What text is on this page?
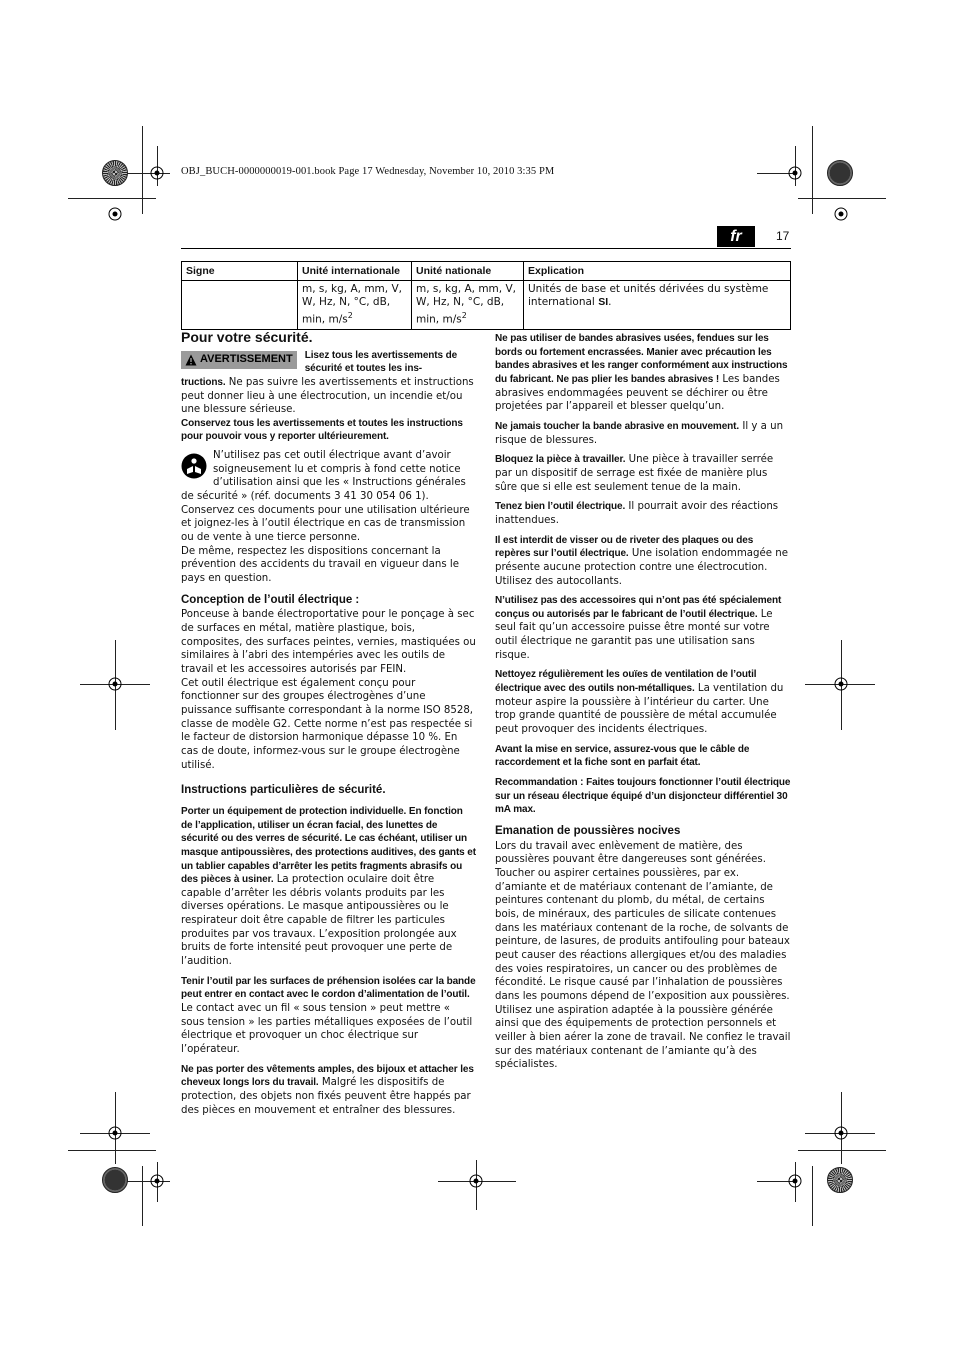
OBJ_BUCH-0000000019-001.book Page 17 Wednesday, November 10, 2010 3:35 PM
fr	17
Signe	Unité internationale	Unité nationale	Explication
	m, s, kg, A, mm, V, W, Hz, N, °C, dB, min, $m/s^2$	m, s, kg, A, mm, V, W, Hz, N, °C, dB, min, $m/s^2$	Unités de base et unités dérivées du système international SI.
Pour votre sécurité.
AVERTISSEMENT Lisez tous les avertissements de sécurité et toutes les ins-

tructions. Ne pas suivre les avertissements et instructions peut donner lieu à une électrocution, un incendie et/ou une blessure sérieuse.

Conservez tous les avertissements et toutes les instructions pour pouvoir vous y reporter ultérieurement.

N’utilisez pas cet outil électrique avant d’avoir soigneusement lu et compris à fond cette notice d’utilisation ainsi que les « Instructions générales de sécurité » (réf. documents 3 41 30 054 06 1). Conservez ces documents pour une utilisation ultérieure et joignez-les à l’outil électrique en cas de transmission ou de vente à une tierce personne.

De même, respectez les dispositions concernant la prévention des accidents du travail en vigueur dans le pays en question.

Conception de l’outil électrique :

Ponceuse à bande électroportative pour le ponçage à sec de surfaces en métal, matière plastique, bois, composites, des surfaces peintes, vernies, mastiquées ou similaires à l’abri des intempéries avec les outils de travail et les accessoires autorisés par FEIN.

Cet outil électrique est également conçu pour fonctionner sur des groupes électrogènes d’une puissance suffisante correspondant à la norme ISO 8528, classe de modèle G2. Cette norme n’est pas respectée si le facteur de distorsion harmonique dépasse 10 %. En cas de doute, informez-vous sur le groupe électrogène utilisé.

Instructions particulières de sécurité.

Porter un équipement de protection individuelle. En fonction de l’application, utiliser un écran facial, des lunettes de sécurité ou des verres de sécurité. Le cas échéant, utiliser un masque antipoussières, des protections auditives, des gants et un tablier capables d’arrêter les petits fragments abrasifs ou des pièces à usiner. La protection oculaire doit être capable d’arrêter les débris volants produits par les diverses opérations. Le masque antipoussières ou le respirateur doit être capable de filtrer les particules produites par vos travaux. L’exposition prolongée aux bruits de forte intensité peut provoquer une perte de l’audition.

Tenir l’outil par les surfaces de préhension isolées car la bande peut entrer en contact avec le cordon d’alimentation de l’outil. Le contact avec un fil « sous tension » peut mettre « sous tension » les parties métalliques exposées de l’outil électrique et provoquer un choc électrique sur l’opérateur.

Ne pas porter des vêtements amples, des bijoux et attacher les cheveux longs lors du travail. Malgré les dispositifs de protection, des objets non fixés peuvent être happés par des pièces en mouvement et entraîner des blessures.

Ne pas utiliser de bandes abrasives usées, fendues sur les bords ou fortement encrassées. Manier avec précaution les bandes abrasives et les ranger conformément aux instructions du fabricant. Ne pas plier les bandes abrasives ! Les bandes abrasives endommagées peuvent se déchirer ou être projetées par l’appareil et blesser quelqu’un.

Ne jamais toucher la bande abrasive en mouvement. Il y a un risque de blessures.

Bloquez la pièce à travailler. Une pièce à travailler serrée par un dispositif de serrage est fixée de manière plus sûre que si elle est seulement tenue de la main.

Tenez bien l’outil électrique. Il pourrait avoir des réactions inattendues.

Il est interdit de visser ou de riveter des plaques ou des repères sur l’outil électrique. Une isolation endommagée ne présente aucune protection contre une électrocution. Utilisez des autocollants.

N’utilisez pas des accessoires qui n’ont pas été spécialement conçus ou autorisés par le fabricant de l’outil électrique. Le seul fait qu’un accessoire puisse être monté sur votre outil électrique ne garantit pas une utilisation sans risque.

Nettoyez régulièrement les ouïes de ventilation de l’outil électrique avec des outils non-métalliques. La ventilation du moteur aspire la poussière à l’intérieur du carter. Une trop grande quantité de poussière de métal accumulée peut provoquer des incidents électriques.

Avant la mise en service, assurez-vous que le câble de raccordement et la fiche sont en parfait état.

Recommandation : Faites toujours fonctionner l’outil électrique sur un réseau électrique équipé d’un disjoncteur différentiel 30 mA max.

Emanation de poussières nocives

Lors du travail avec enlèvement de matière, des poussières pouvant être dangereuses sont générées.

Toucher ou aspirer certaines poussières, par ex. d’amiante et de matériaux contenant de l’amiante, de peintures contenant du plomb, du métal, de certains bois, de minéraux, des particules de silicate contenues dans les matériaux contenant de la roche, de solvants de peinture, de lasures, de produits antifouling pour bateaux peut causer des réactions allergiques et/ou des maladies des voies respiratoires, un cancer ou des problèmes de fécondité. Le risque causé par l’inhalation de poussières dans les poumons dépend de l’exposition aux poussières. Utilisez une aspiration adaptée à la poussière générée ainsi que des équipements de protection personnels et veiller à bien aérer la zone de travail. Ne confiez le travail sur des matériaux contenant de l’amiante qu’à des spécialistes.
